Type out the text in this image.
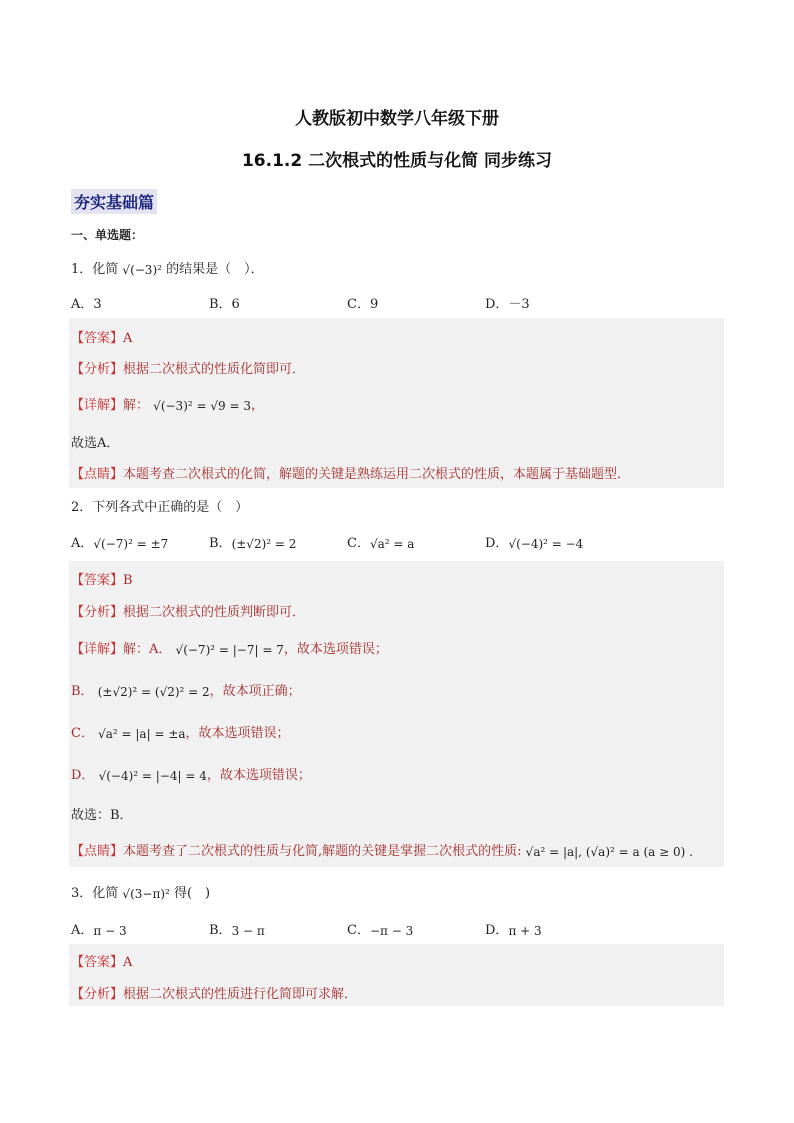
人教版初中数学八年级下册
16.1.2 二次根式的性质与化简 同步练习
夯实基础篇
一、单选题：
1．化简 √(−3)² 的结果是（　）．
A．3	B．6	C．9	D．－3
【答案】A
【分析】根据二次根式的性质化简即可．
【详解】解： √(−3)² = √9 = 3，
故选A．
【点睛】本题考查二次根式的化简，解题的关键是熟练运用二次根式的性质，本题属于基础题型．
2．下列各式中正确的是（　）
A．√(−7)² = ±7	B．(±√2)² = 2	C．√a² = a	D．√(−4)² = −4
【答案】B
【分析】根据二次根式的性质判断即可．
【详解】解：A． √(−7)² = |−7| = 7，故本选项错误；
B． (±√2)² = (√2)² = 2，故本项正确；
C． √a² = |a| = ±a，故本选项错误；
D． √(−4)² = |−4| = 4，故本选项错误；
故选：B．
【点睛】本题考查了二次根式的性质与化简,解题的关键是掌握二次根式的性质: √a² = |a|, (√a)² = a (a ≥ 0) .
3．化简 √(3−π)² 得(　)
A．π − 3	B．3 − π	C．−π − 3	D．π + 3
【答案】A
【分析】根据二次根式的性质进行化简即可求解．
